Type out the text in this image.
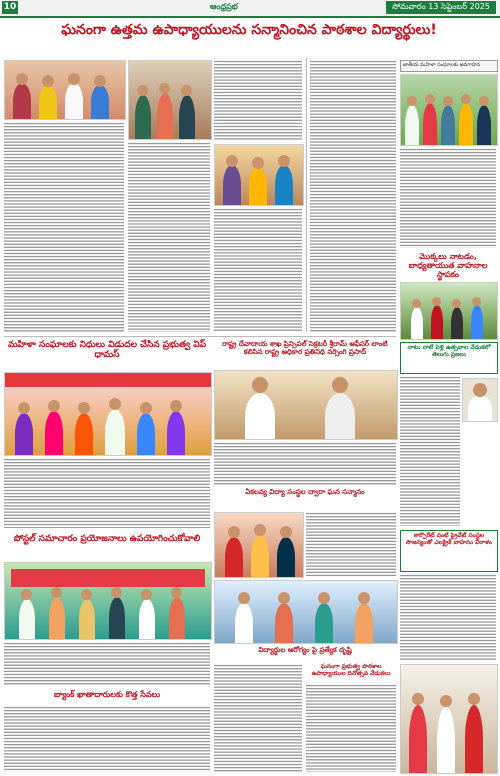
10	ఆంధ్రప్రభ	సోమవారం 13 సెప్టెంబర్ 2025
ఘనంగా ఉత్తమ ఉపాధ్యాయులను సన్మానించిన పాఠశాల విద్యార్థులు!
జాతీయ మహిళా సంఘాలకు అవగాహన
మొక్కలు నాటడం, బాధ్యతాయుత వాహనాల స్థాపకం
మహిళా సంఘాలకు నిధులు విడుదల చేసిన ప్రభుత్వ విప్ ధామస్
రాష్ట్ర దేవాదాయ శాఖ ప్రిన్సిపల్ సెక్రటరీ శ్రీరామ్ ఆఫీసర్ లాంటి కలిసిన రాష్ట్ర అధికార ప్రతినిధి నర్సింగి ప్రసాద్
ఏకలవ్య విద్యా సంస్థల ద్వారా ఘన సన్మానం
నాటు నాటే పెళ్లి ఉత్సవాల వేడుకలో తెలుగు ప్రజలు
పోస్టల్ సమాచారం ప్రయోజనాలు ఉపయోగించుకోవాలి
బ్యాంక్ ఖాతాదారులకు కొత్త సేవలు
విద్యార్థుల ఆరోగ్యం పై ప్రత్యేక దృష్టి
ఘనంగా ప్రభుత్వ పాఠశాల ఉపాధ్యాయుల దినోత్సవ వేడుకలు
కార్పొరేట్ వంటి ప్రైవేట్ సంస్థల సౌజన్యంతో ఎలక్ట్రిక్ వాహనం విరాళం
